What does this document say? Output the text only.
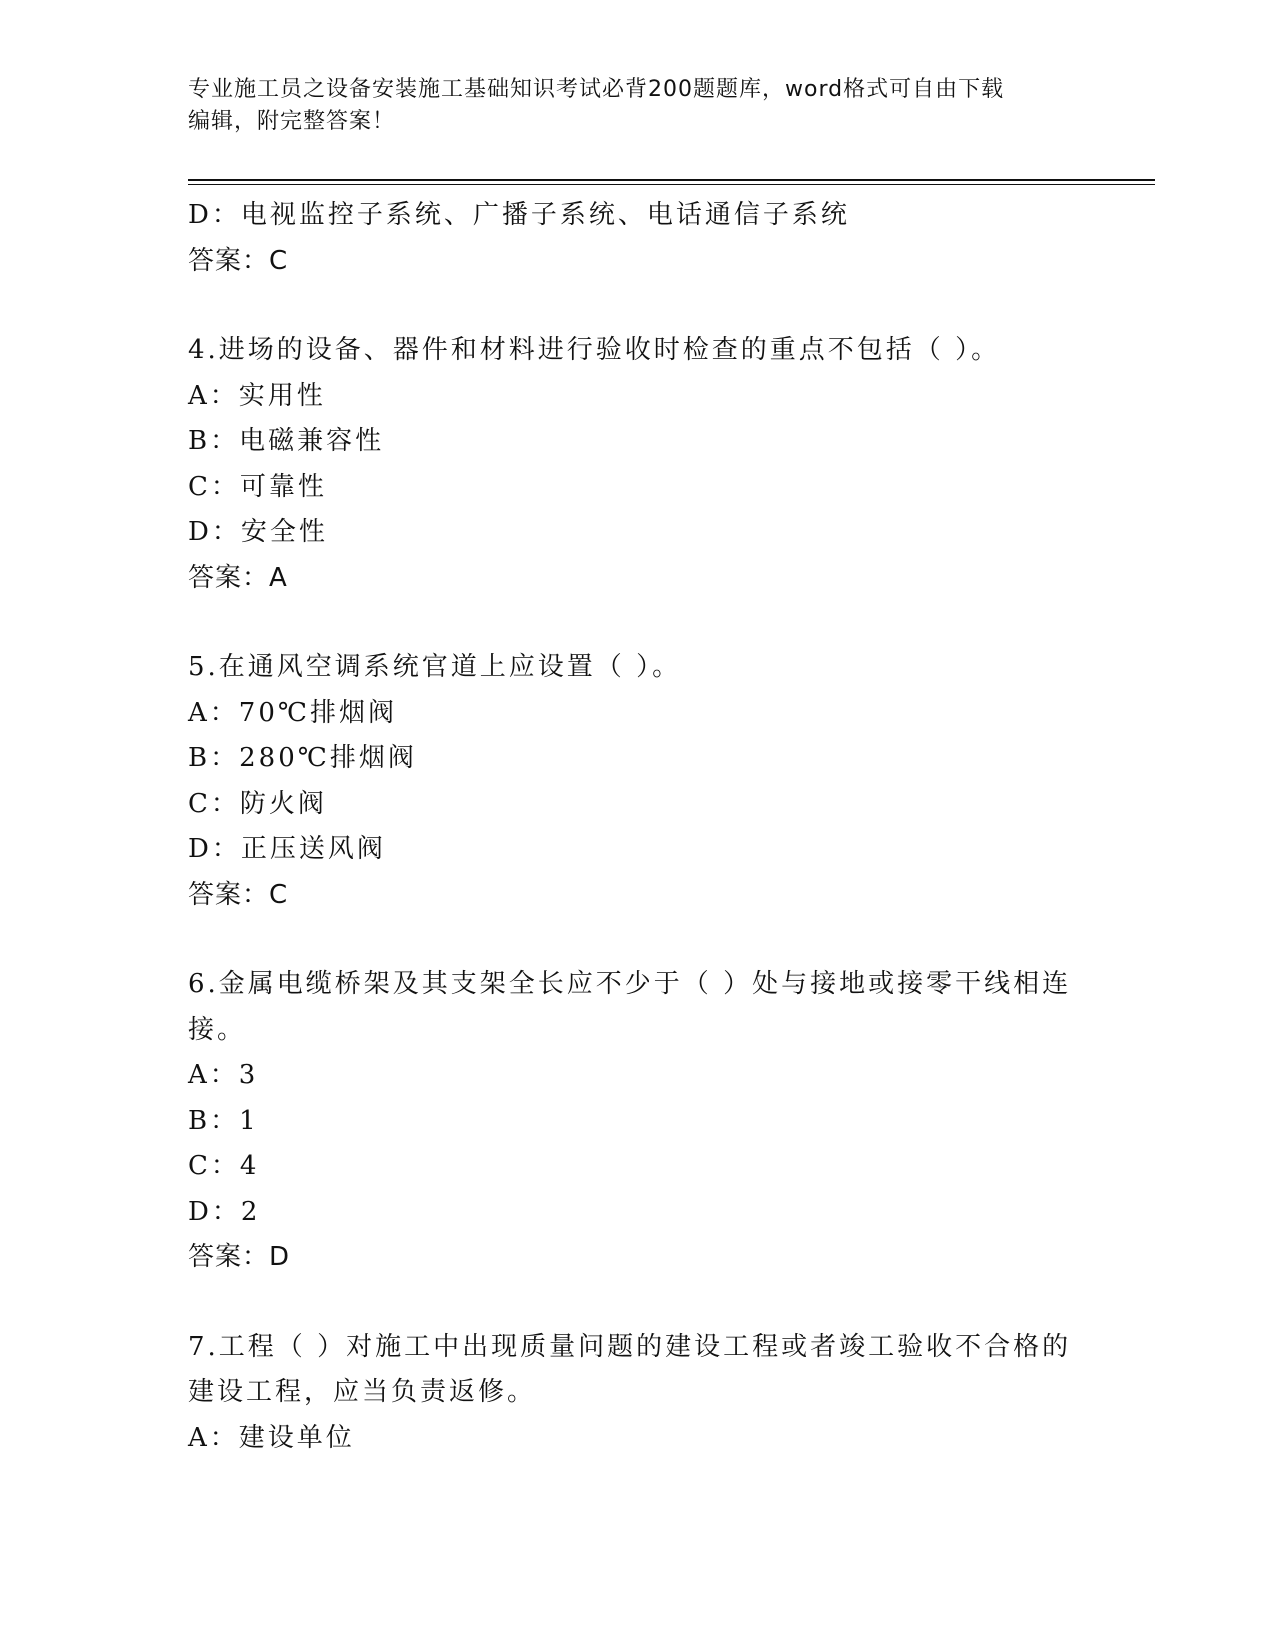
专业施工员之设备安装施工基础知识考试必背200题题库，word格式可自由下载
编辑，附完整答案！
D：电视监控子系统、广播子系统、电话通信子系统
答案：C
4.进场的设备、器件和材料进行验收时检查的重点不包括（ ）。
A：实用性
B：电磁兼容性
C：可靠性
D：安全性
答案：A
5.在通风空调系统官道上应设置（ ）。
A：70℃排烟阀
B：280℃排烟阀
C：防火阀
D：正压送风阀
答案：C
6.金属电缆桥架及其支架全长应不少于（ ）处与接地或接零干线相连
接。
A：3
B：1
C：4
D：2
答案：D
7.工程（ ）对施工中出现质量问题的建设工程或者竣工验收不合格的
建设工程，应当负责返修。
A：建设单位
